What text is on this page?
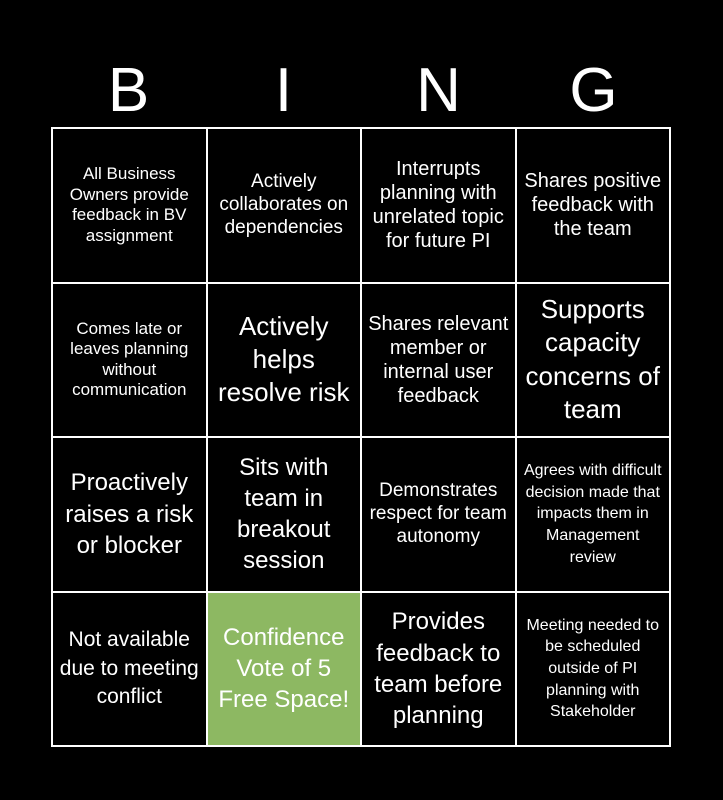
B	I	N	G
All Business Owners provide feedback in BV assignment
Actively collaborates on dependencies
Interrupts planning with unrelated topic for future PI
Shares positive feedback with the team
Comes late or leaves planning without communication
Actively helps resolve risk
Shares relevant member or internal user feedback
Supports capacity concerns of team
Proactively raises a risk or blocker
Sits with team in breakout session
Demonstrates respect for team autonomy
Agrees with difficult decision made that impacts them in Management review
Not available due to meeting conflict
Confidence Vote of 5 Free Space!
Provides feedback to team before planning
Meeting needed to be scheduled outside of PI planning with Stakeholder
